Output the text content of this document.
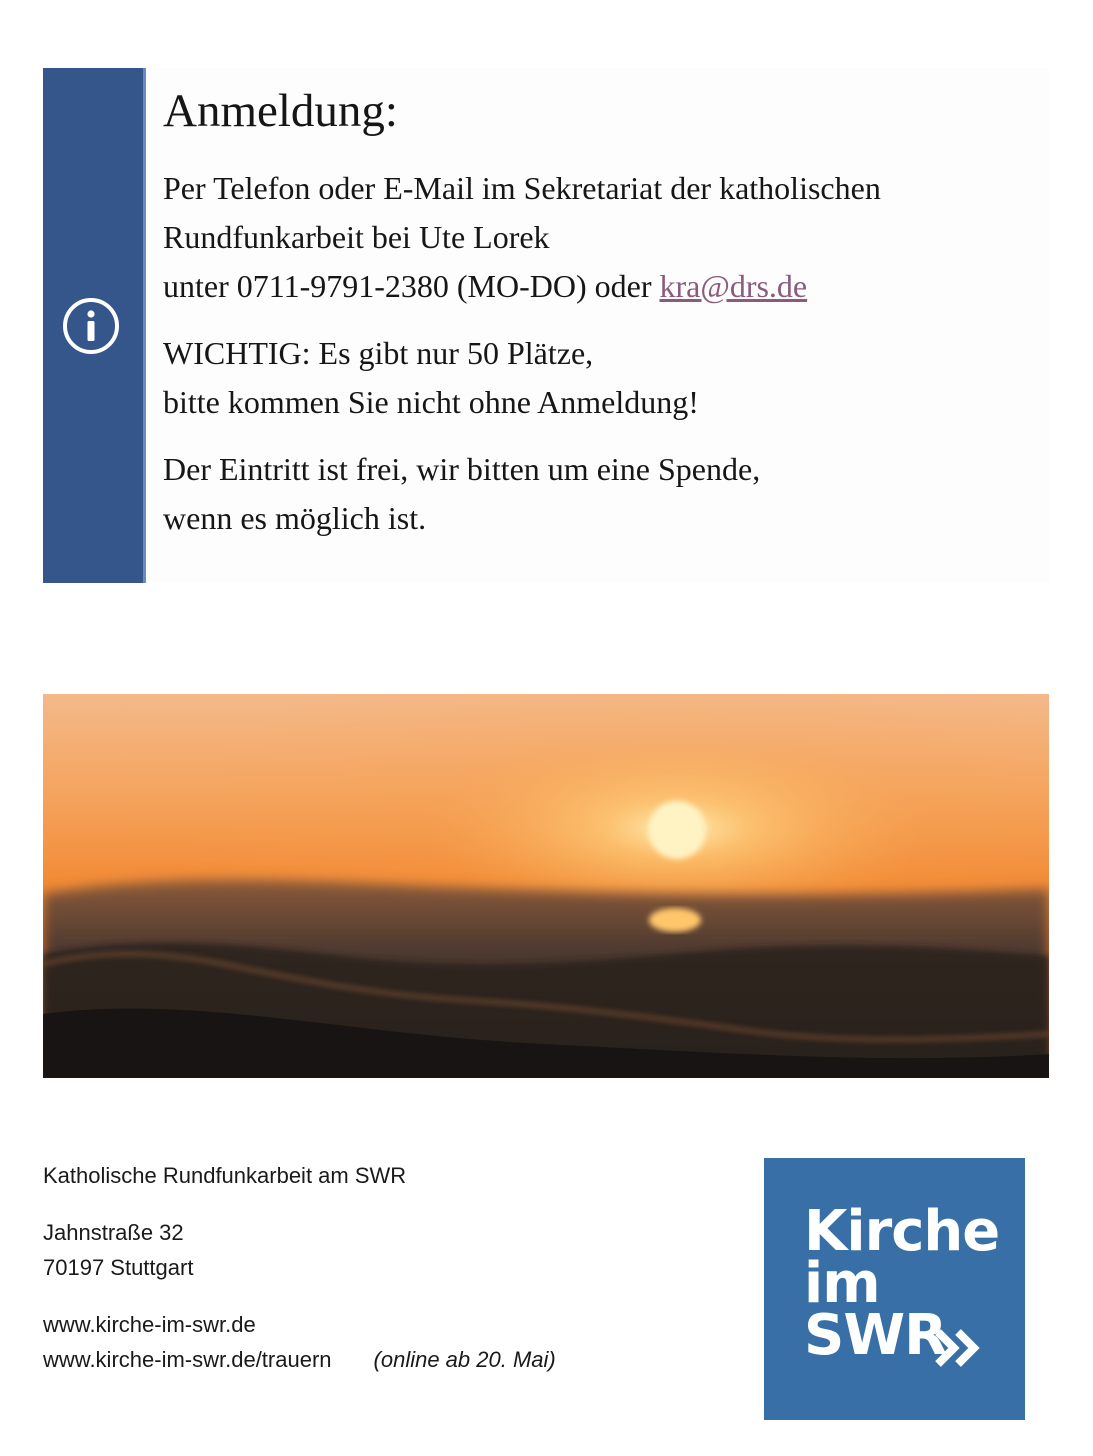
Anmeldung:

Per Telefon oder E-Mail im Sekretariat der katholischen
Rundfunkarbeit bei Ute Lorek
unter 0711-9791-2380 (MO-DO) oder kra@drs.de

WICHTIG: Es gibt nur 50 Plätze,
bitte kommen Sie nicht ohne Anmeldung!

Der Eintritt ist frei, wir bitten um eine Spende,
wenn es möglich ist.

Katholische Rundfunkarbeit am SWR
Jahnstraße 32
70197 Stuttgart
www.kirche-im-swr.de
www.kirche-im-swr.de/trauern (online ab 20. Mai)
Kirche
im
SWR
